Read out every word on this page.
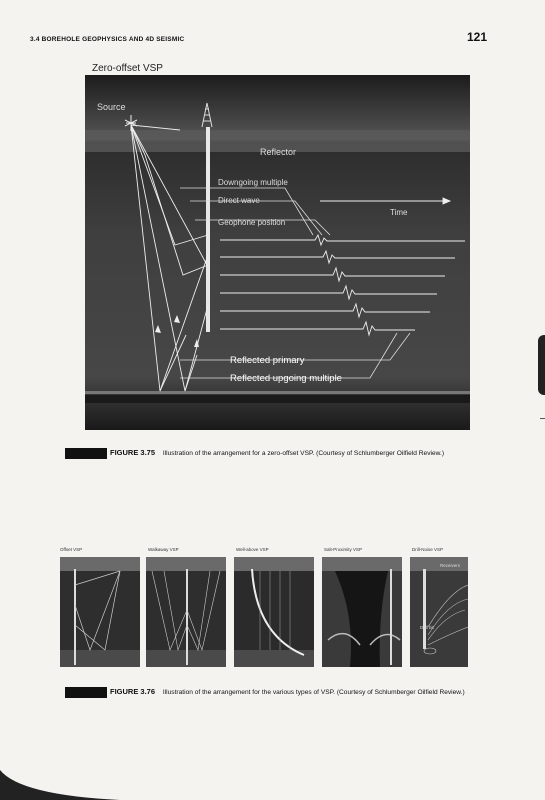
3.4 BOREHOLE GEOPHYSICS AND 4D SEISMIC	121
Zero-offset VSP
Source
Reflector
Downgoing multiple
Direct wave
Geophone position
Time
Reflected primary
Reflected upgoing multiple
FIGURE 3.75 Illustration of the arrangement for a zero-offset VSP. (Courtesy of Schlumberger Oilfield Review.)
Offset VSP	Walkaway VSP	Well-above VSP	Salt-Proximity VSP	Drill-Noise VSP
Receivers
Drill bit
FIGURE 3.76 Illustration of the arrangement for the various types of VSP. (Courtesy of Schlumberger Oilfield Review.)
